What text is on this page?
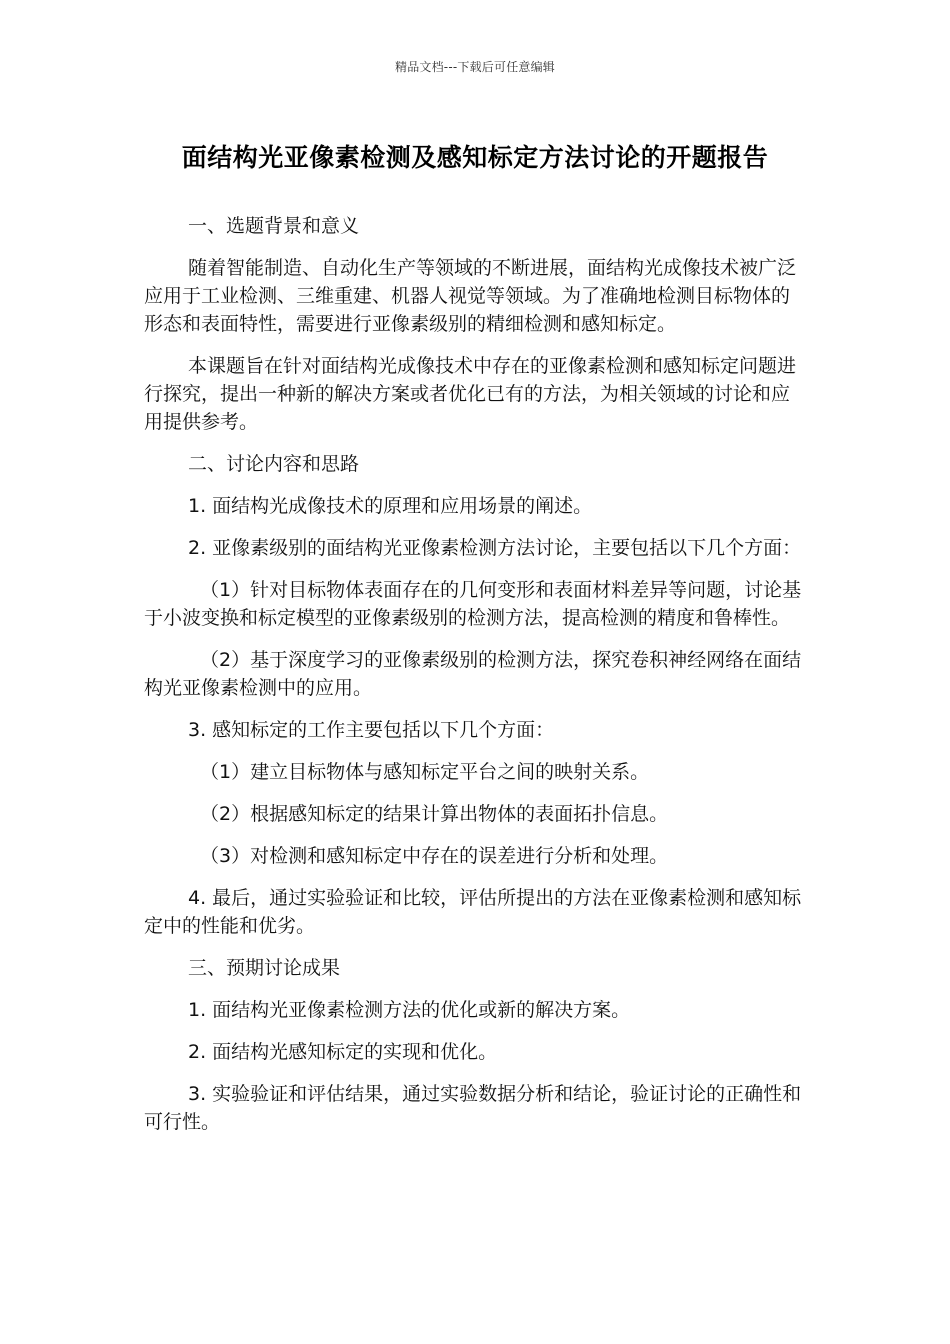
精品文档---下载后可任意编辑
面结构光亚像素检测及感知标定方法讨论的开题报告

一、选题背景和意义

随着智能制造、自动化生产等领域的不断进展，面结构光成像技术被广泛应用于工业检测、三维重建、机器人视觉等领域。为了准确地检测目标物体的形态和表面特性，需要进行亚像素级别的精细检测和感知标定。

本课题旨在针对面结构光成像技术中存在的亚像素检测和感知标定问题进行探究，提出一种新的解决方案或者优化已有的方法，为相关领域的讨论和应用提供参考。

二、讨论内容和思路

1. 面结构光成像技术的原理和应用场景的阐述。

2. 亚像素级别的面结构光亚像素检测方法讨论，主要包括以下几个方面：

（1）针对目标物体表面存在的几何变形和表面材料差异等问题，讨论基于小波变换和标定模型的亚像素级别的检测方法，提高检测的精度和鲁棒性。

（2）基于深度学习的亚像素级别的检测方法，探究卷积神经网络在面结构光亚像素检测中的应用。

3. 感知标定的工作主要包括以下几个方面：

（1）建立目标物体与感知标定平台之间的映射关系。

（2）根据感知标定的结果计算出物体的表面拓扑信息。

（3）对检测和感知标定中存在的误差进行分析和处理。

4. 最后，通过实验验证和比较，评估所提出的方法在亚像素检测和感知标定中的性能和优劣。

三、预期讨论成果

1. 面结构光亚像素检测方法的优化或新的解决方案。

2. 面结构光感知标定的实现和优化。

3. 实验验证和评估结果，通过实验数据分析和结论，验证讨论的正确性和可行性。
